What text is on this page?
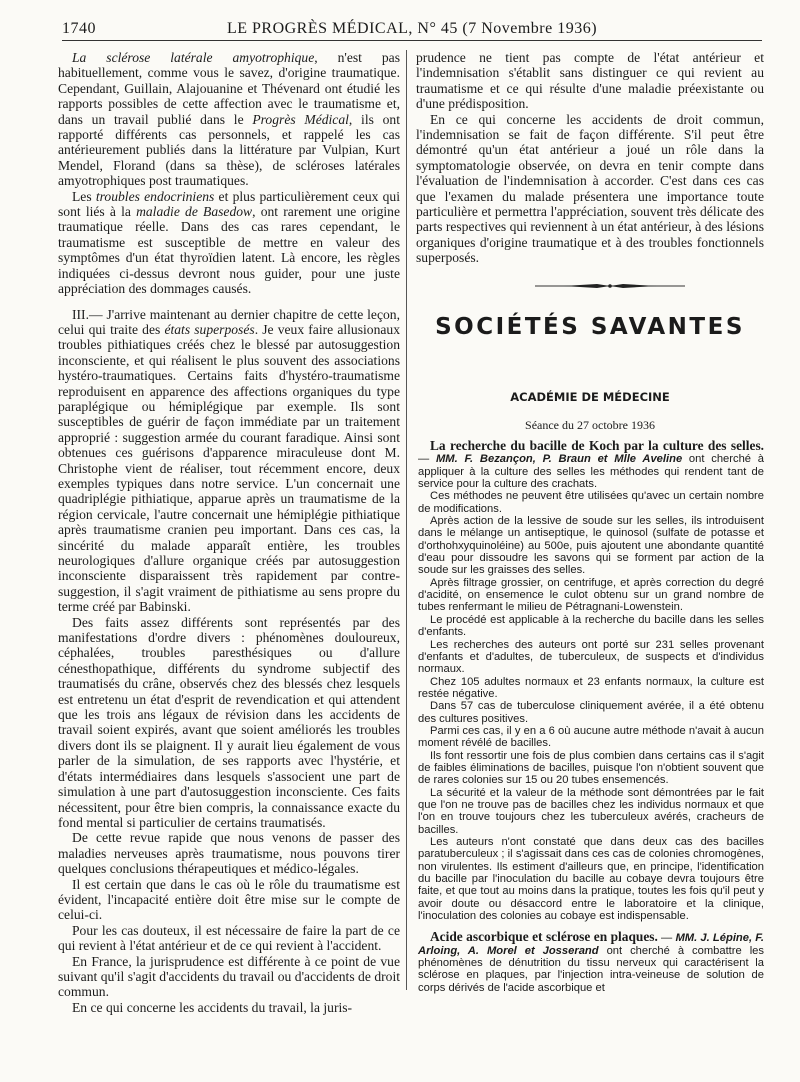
1740	LE PROGRÈS MÉDICAL, N° 45 (7 Novembre 1936)

La sclérose latérale amyotrophique, n'est pas habituellement, comme vous le savez, d'origine traumatique. Cependant, Guillain, Alajouanine et Thévenard ont étudié les rapports possibles de cette affection avec le traumatisme et, dans un travail publié dans le Progrès Médical, ils ont rapporté différents cas personnels, et rappelé les cas antérieurement publiés dans la littérature par Vulpian, Kurt Mendel, Florand (dans sa thèse), de scléroses latérales amyotrophiques post traumatiques.

Les troubles endocriniens et plus particulièrement ceux qui sont liés à la maladie de Basedow, ont rarement une origine traumatique réelle. Dans des cas rares cependant, le traumatisme est susceptible de mettre en valeur des symptômes d'un état thyroïdien latent. Là encore, les règles indiquées ci-dessus devront nous guider, pour une juste appréciation des dommages causés.

III.— J'arrive maintenant au dernier chapitre de cette leçon, celui qui traite des états superposés. Je veux faire allusionaux troubles pithiatiques créés chez le blessé par autosuggestion inconsciente, et qui réalisent le plus souvent des associations hystéro-traumatiques. Certains faits d'hystéro-traumatisme reproduisent en apparence des affections organiques du type paraplégique ou hémiplégique par exemple. Ils sont susceptibles de guérir de façon immédiate par un traitement approprié : suggestion armée du courant faradique. Ainsi sont obtenues ces guérisons d'apparence miraculeuse dont M. Christophe vient de réaliser, tout récemment encore, deux exemples typiques dans notre service. L'un concernait une quadriplégie pithiatique, apparue après un traumatisme de la région cervicale, l'autre concernait une hémiplégie pithiatique après traumatisme cranien peu important. Dans ces cas, la sincérité du malade apparaît entière, les troubles neurologiques d'allure organique créés par autosuggestion inconsciente disparaissent très rapidement par contre-suggestion, il s'agit vraiment de pithiatisme au sens propre du terme créé par Babinski.

Des faits assez différents sont représentés par des manifestations d'ordre divers : phénomènes douloureux, céphalées, troubles paresthésiques ou d'allure cénesthopathique, différents du syndrome subjectif des traumatisés du crâne, observés chez des blessés chez lesquels est entretenu un état d'esprit de revendication et qui attendent que les trois ans légaux de révision dans les accidents de travail soient expirés, avant que soient améliorés les troubles divers dont ils se plaignent. Il y aurait lieu également de vous parler de la simulation, de ses rapports avec l'hystérie, et d'états intermédiaires dans lesquels s'associent une part de simulation à une part d'autosuggestion inconsciente. Ces faits nécessitent, pour être bien compris, la connaissance exacte du fond mental si particulier de certains traumatisés.

De cette revue rapide que nous venons de passer des maladies nerveuses après traumatisme, nous pouvons tirer quelques conclusions thérapeutiques et médico-légales.

Il est certain que dans le cas où le rôle du traumatisme est évident, l'incapacité entière doit être mise sur le compte de celui-ci.

Pour les cas douteux, il est nécessaire de faire la part de ce qui revient à l'état antérieur et de ce qui revient à l'accident.

En France, la jurisprudence est différente à ce point de vue suivant qu'il s'agit d'accidents du travail ou d'accidents de droit commun.

En ce qui concerne les accidents du travail, la juris-

prudence ne tient pas compte de l'état antérieur et l'indemnisation s'établit sans distinguer ce qui revient au traumatisme et ce qui résulte d'une maladie préexistante ou d'une prédisposition.

En ce qui concerne les accidents de droit commun, l'indemnisation se fait de façon différente. S'il peut être démontré qu'un état antérieur a joué un rôle dans la symptomatologie observée, on devra en tenir compte dans l'évaluation de l'indemnisation à accorder. C'est dans ces cas que l'examen du malade présentera une importance toute particulière et permettra l'appréciation, souvent très délicate des parts respectives qui reviennent à un état antérieur, à des lésions organiques d'origine traumatique et à des troubles fonctionnels superposés.

SOCIÉTÉS SAVANTES
ACADÉMIE DE MÉDECINE
Séance du 27 octobre 1936

La recherche du bacille de Koch par la culture des selles. — MM. F. Bezançon, P. Braun et Mlle Aveline ont cherché à appliquer à la culture des selles les méthodes qui rendent tant de service pour la culture des crachats.

Ces méthodes ne peuvent être utilisées qu'avec un certain nombre de modifications.

Après action de la lessive de soude sur les selles, ils introduisent dans le mélange un antiseptique, le quinosol (sulfate de potasse et d'orthohxyquinoléine) au 500e, puis ajoutent une abondante quantité d'eau pour dissoudre les savons qui se forment par action de la soude sur les graisses des selles.

Après filtrage grossier, on centrifuge, et après correction du degré d'acidité, on ensemence le culot obtenu sur un grand nombre de tubes renfermant le milieu de Pétragnani-Lowenstein.

Le procédé est applicable à la recherche du bacille dans les selles d'enfants.

Les recherches des auteurs ont porté sur 231 selles provenant d'enfants et d'adultes, de tuberculeux, de suspects et d'individus normaux.

Chez 105 adultes normaux et 23 enfants normaux, la culture est restée négative.

Dans 57 cas de tuberculose cliniquement avérée, il a été obtenu des cultures positives.

Parmi ces cas, il y en a 6 où aucune autre méthode n'avait à aucun moment révélé de bacilles.

Ils font ressortir une fois de plus combien dans certains cas il s'agit de faibles éliminations de bacilles, puisque l'on n'obtient souvent que de rares colonies sur 15 ou 20 tubes ensemencés.

La sécurité et la valeur de la méthode sont démontrées par le fait que l'on ne trouve pas de bacilles chez les individus normaux et que l'on en trouve toujours chez les tuberculeux avérés, cracheurs de bacilles.

Les auteurs n'ont constaté que dans deux cas des bacilles paratuberculeux ; il s'agissait dans ces cas de colonies chromogènes, non virulentes. Ils estiment d'ailleurs que, en principe, l'identification du bacille par l'inoculation du bacille au cobaye devra toujours être faite, et que tout au moins dans la pratique, toutes les fois qu'il peut y avoir doute ou désaccord entre le laboratoire et la clinique, l'inoculation des colonies au cobaye est indispensable.

Acide ascorbique et sclérose en plaques. — MM. J. Lépine, F. Arloing, A. Morel et Josserand ont cherché à combattre les phénomènes de dénutrition du tissu nerveux qui caractérisent la sclérose en plaques, par l'injection intra-veineuse de solution de corps dérivés de l'acide ascorbique et
